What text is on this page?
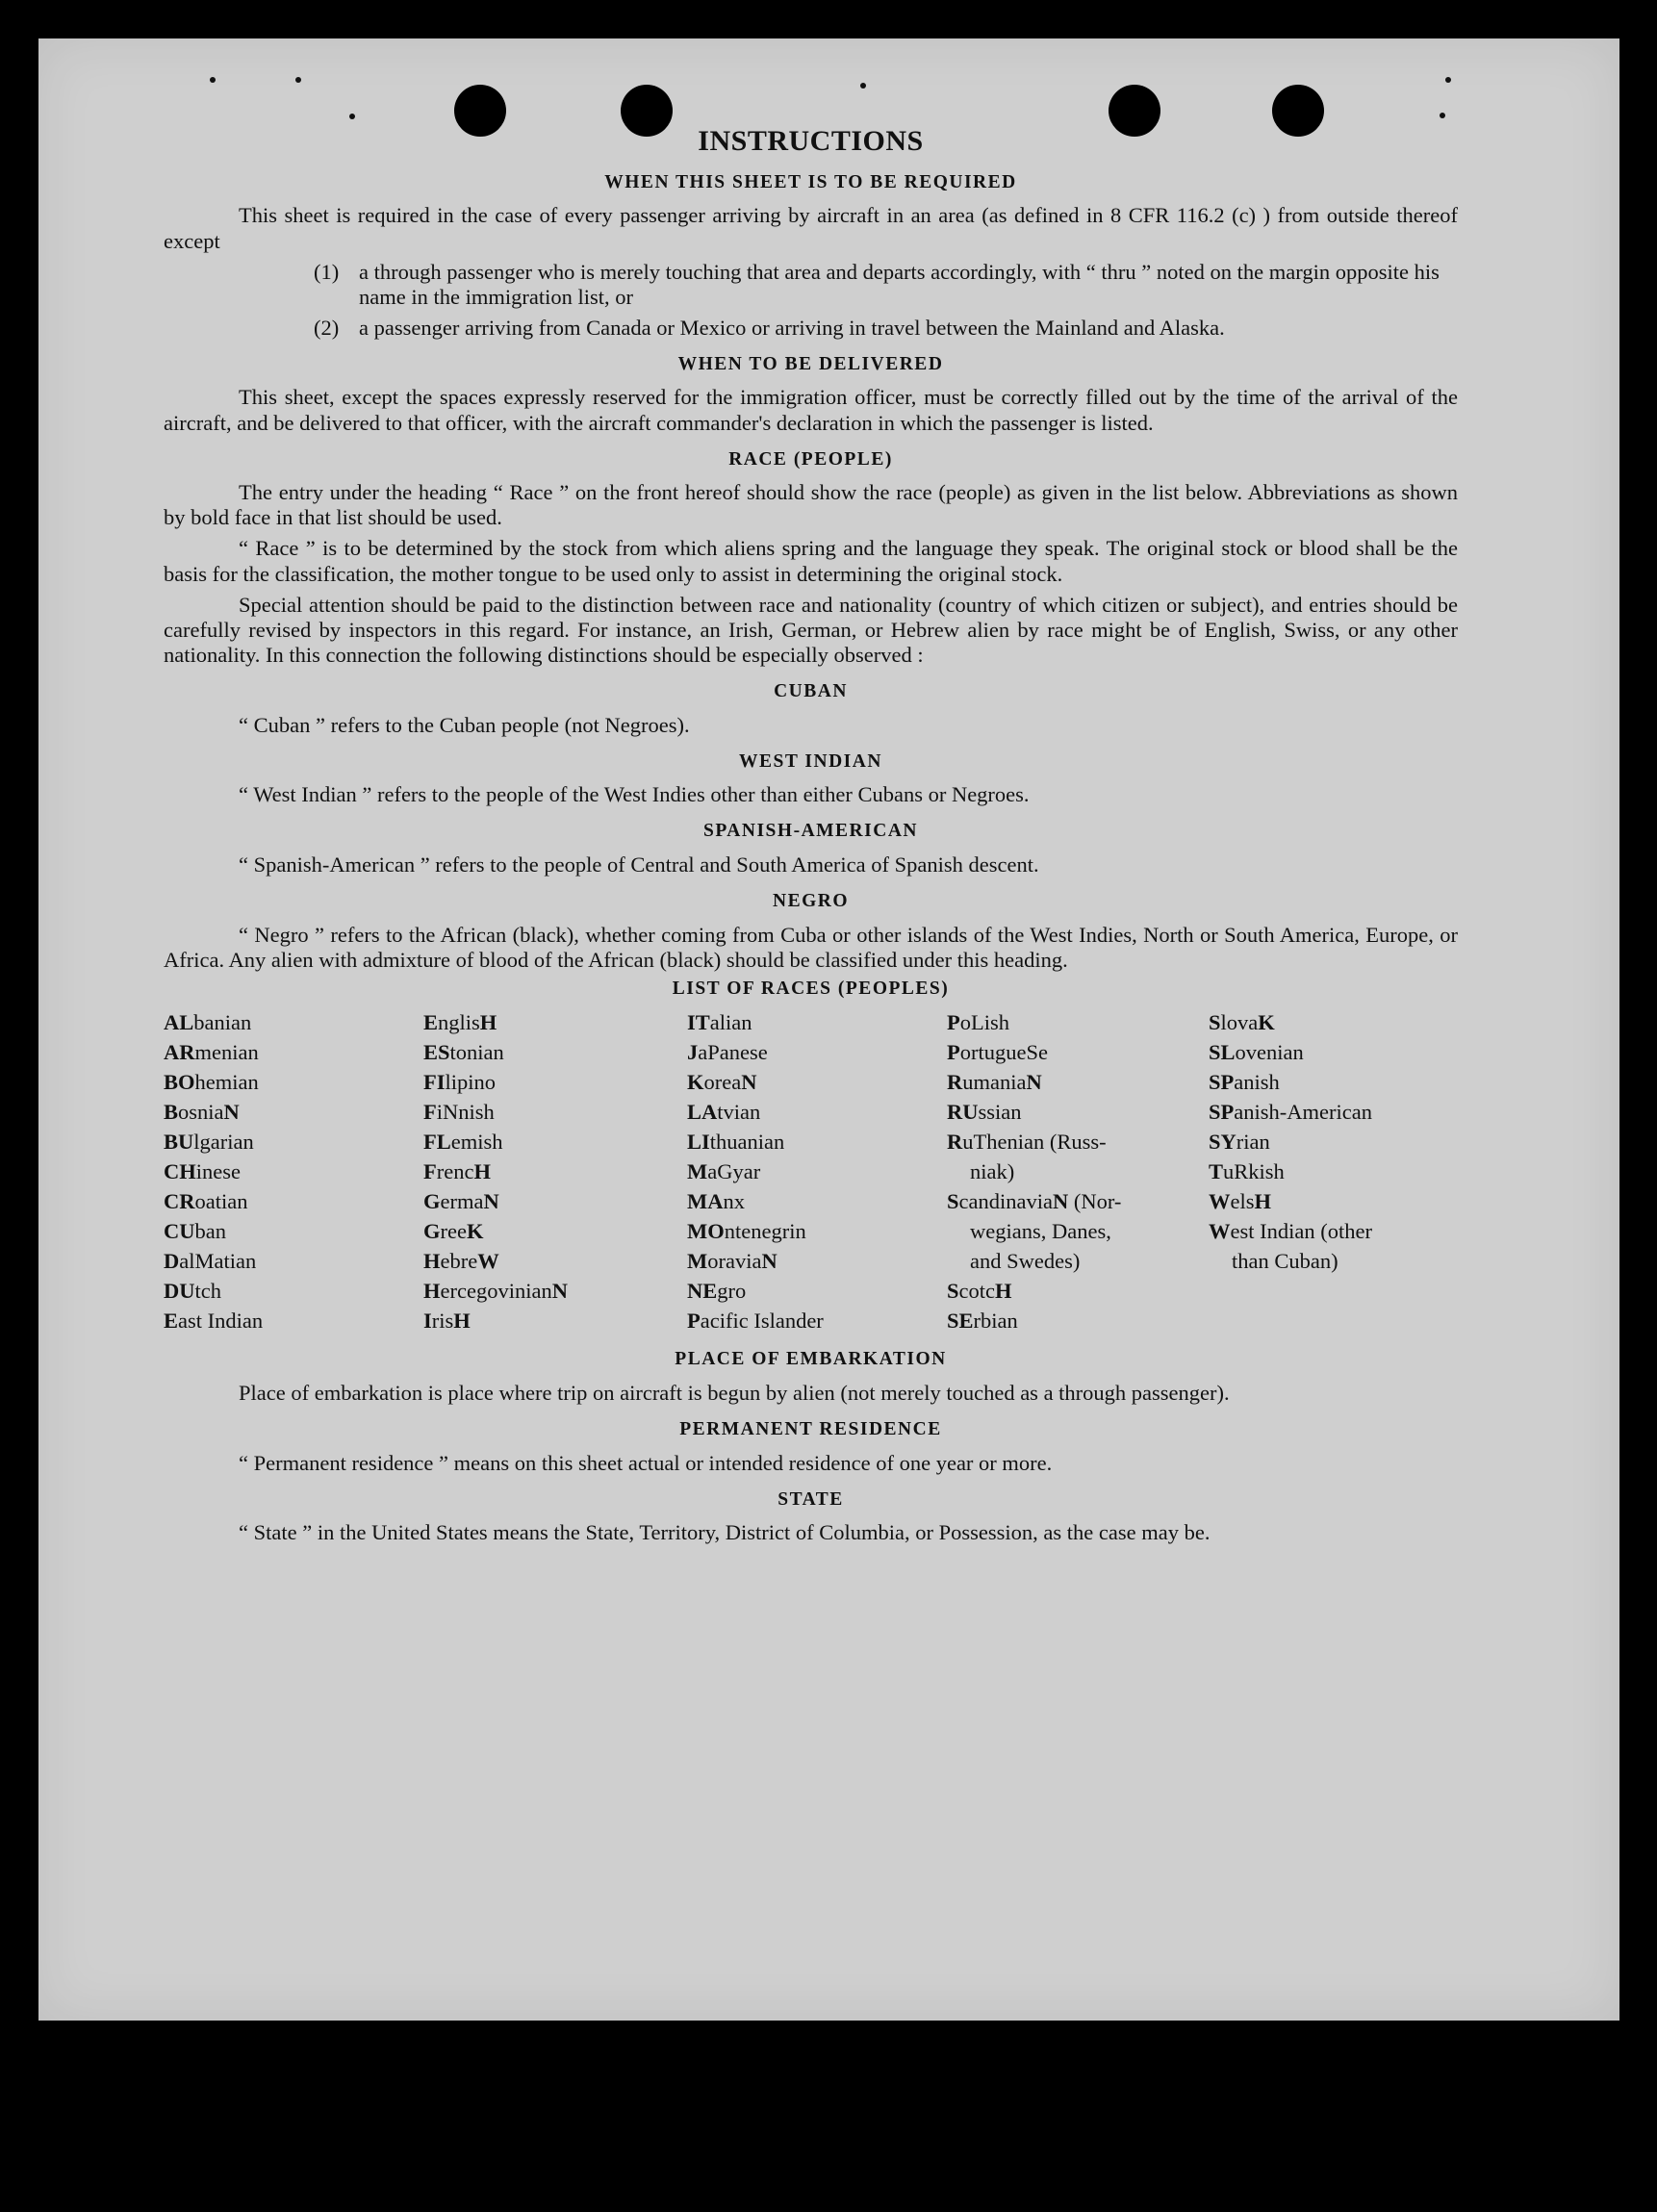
INSTRUCTIONS
WHEN THIS SHEET IS TO BE REQUIRED

This sheet is required in the case of every passenger arriving by aircraft in an area (as defined in 8 CFR 116.2 (c) ) from outside thereof except

(1) a through passenger who is merely touching that area and departs accordingly, with “ thru ” noted on the margin opposite his name in the immigration list, or
(2) a passenger arriving from Canada or Mexico or arriving in travel between the Mainland and Alaska.
WHEN TO BE DELIVERED

This sheet, except the spaces expressly reserved for the immigration officer, must be correctly filled out by the time of the arrival of the aircraft, and be delivered to that officer, with the aircraft commander's declaration in which the passenger is listed.

RACE (PEOPLE)

The entry under the heading “ Race ” on the front hereof should show the race (people) as given in the list below. Abbreviations as shown by bold face in that list should be used.

“ Race ” is to be determined by the stock from which aliens spring and the language they speak. The original stock or blood shall be the basis for the classification, the mother tongue to be used only to assist in determining the original stock.

Special attention should be paid to the distinction between race and nationality (country of which citizen or subject), and entries should be carefully revised by inspectors in this regard. For instance, an Irish, German, or Hebrew alien by race might be of English, Swiss, or any other nationality. In this connection the following distinctions should be especially observed :

CUBAN

“ Cuban ” refers to the Cuban people (not Negroes).

WEST INDIAN

“ West Indian ” refers to the people of the West Indies other than either Cubans or Negroes.

SPANISH-AMERICAN

“ Spanish-American ” refers to the people of Central and South America of Spanish descent.

NEGRO

“ Negro ” refers to the African (black), whether coming from Cuba or other islands of the West Indies, North or South America, Europe, or Africa. Any alien with admixture of blood of the African (black) should be classified under this heading.

LIST OF RACES (PEOPLES)
ALbanian
ARmenian
BOhemian
BosniaN
BUlgarian
CHinese
CRoatian
CUban
DalMatian
DUtch
East Indian
EnglisH
EStonian
FIlipino
FiNnish
FLemish
FrencH
GermaN
GreeK
HebreW
HercegovinianN
IrisH
ITalian
JaPanese
KoreaN
LAtvian
LIthuanian
MaGyar
MAnx
MOntenegrin
MoraviaN
NEgro
Pacific Islander
PoLish
PortugueSe
RumaniaN
RUssian
RuThenian (Russ-
niak)
ScandinaviaN (Nor-
wegians, Danes,
and Swedes)
ScotcH
SErbian
SlovaK
SLovenian
SPanish
SPanish-American
SYrian
TuRkish
WelsH
West Indian (other
than Cuban)
PLACE OF EMBARKATION

Place of embarkation is place where trip on aircraft is begun by alien (not merely touched as a through passenger).

PERMANENT RESIDENCE

“ Permanent residence ” means on this sheet actual or intended residence of one year or more.

STATE

“ State ” in the United States means the State, Territory, District of Columbia, or Possession, as the case may be.
